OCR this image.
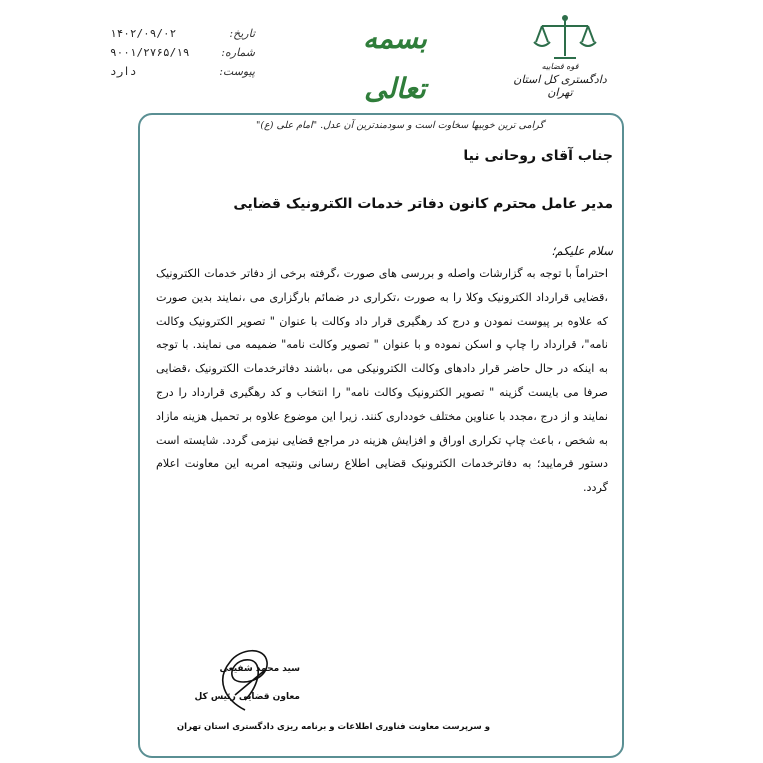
قوه قضاییه
دادگستری کل استان تهران
بسمه تعالی
تاریخ:
۱۴۰۲/۰۹/۰۲
شماره:
۹۰۰۱/۲۷۶۵/۱۹
پیوست:
دارد
گرامی ترین خوبیها سخاوت است و سودمندترین آن عدل. "امام علی (ع)"
جناب آقای روحانی نیا
مدیر عامل محترم کانون دفاتر خدمات الکترونیک قضایی
سلام علیکم؛

احتراماً با توجه به گزارشات واصله و بررسی های صورت ،گرفته برخی از دفاتر خدمات الکترونیک ،قضایی قرارداد الکترونیک وکلا را به صورت ،تکراری در ضمائم بارگزاری می ،نمایند بدین صورت که علاوه بر پیوست نمودن و درج کد رهگیری قرار داد وکالت با عنوان " تصویر الکترونیک وکالت نامه"، قرارداد را چاپ و اسکن نموده و با عنوان " تصویر وکالت نامه" ضمیمه می نمایند. با توجه به اینکه در حال حاضر قرار دادهای وکالت الکترونیکی می ،باشند دفاترخدمات الکترونیک ،قضایی صرفا می بایست گزینه " تصویر الکترونیک وکالت نامه" را انتخاب و کد رهگیری قرارداد را درج نمایند و از درج ،مجدد با عناوین مختلف خودداری کنند. زیرا این موضوع علاوه بر تحمیل هزینه مازاد به شخص ، باعث چاپ تکراری اوراق و افزایش هزینه در مراجع قضایی نیزمی گردد. شایسته است دستور فرمایید؛ به دفاترخدمات الکترونیک قضایی اطلاع رسانی ونتیجه امربه این معاونت اعلام گردد.

سید محمد شفیعی
معاون قضایی رئیس کل
و سرپرست معاونت فناوری اطلاعات و برنامه ریزی دادگستری استان تهران
